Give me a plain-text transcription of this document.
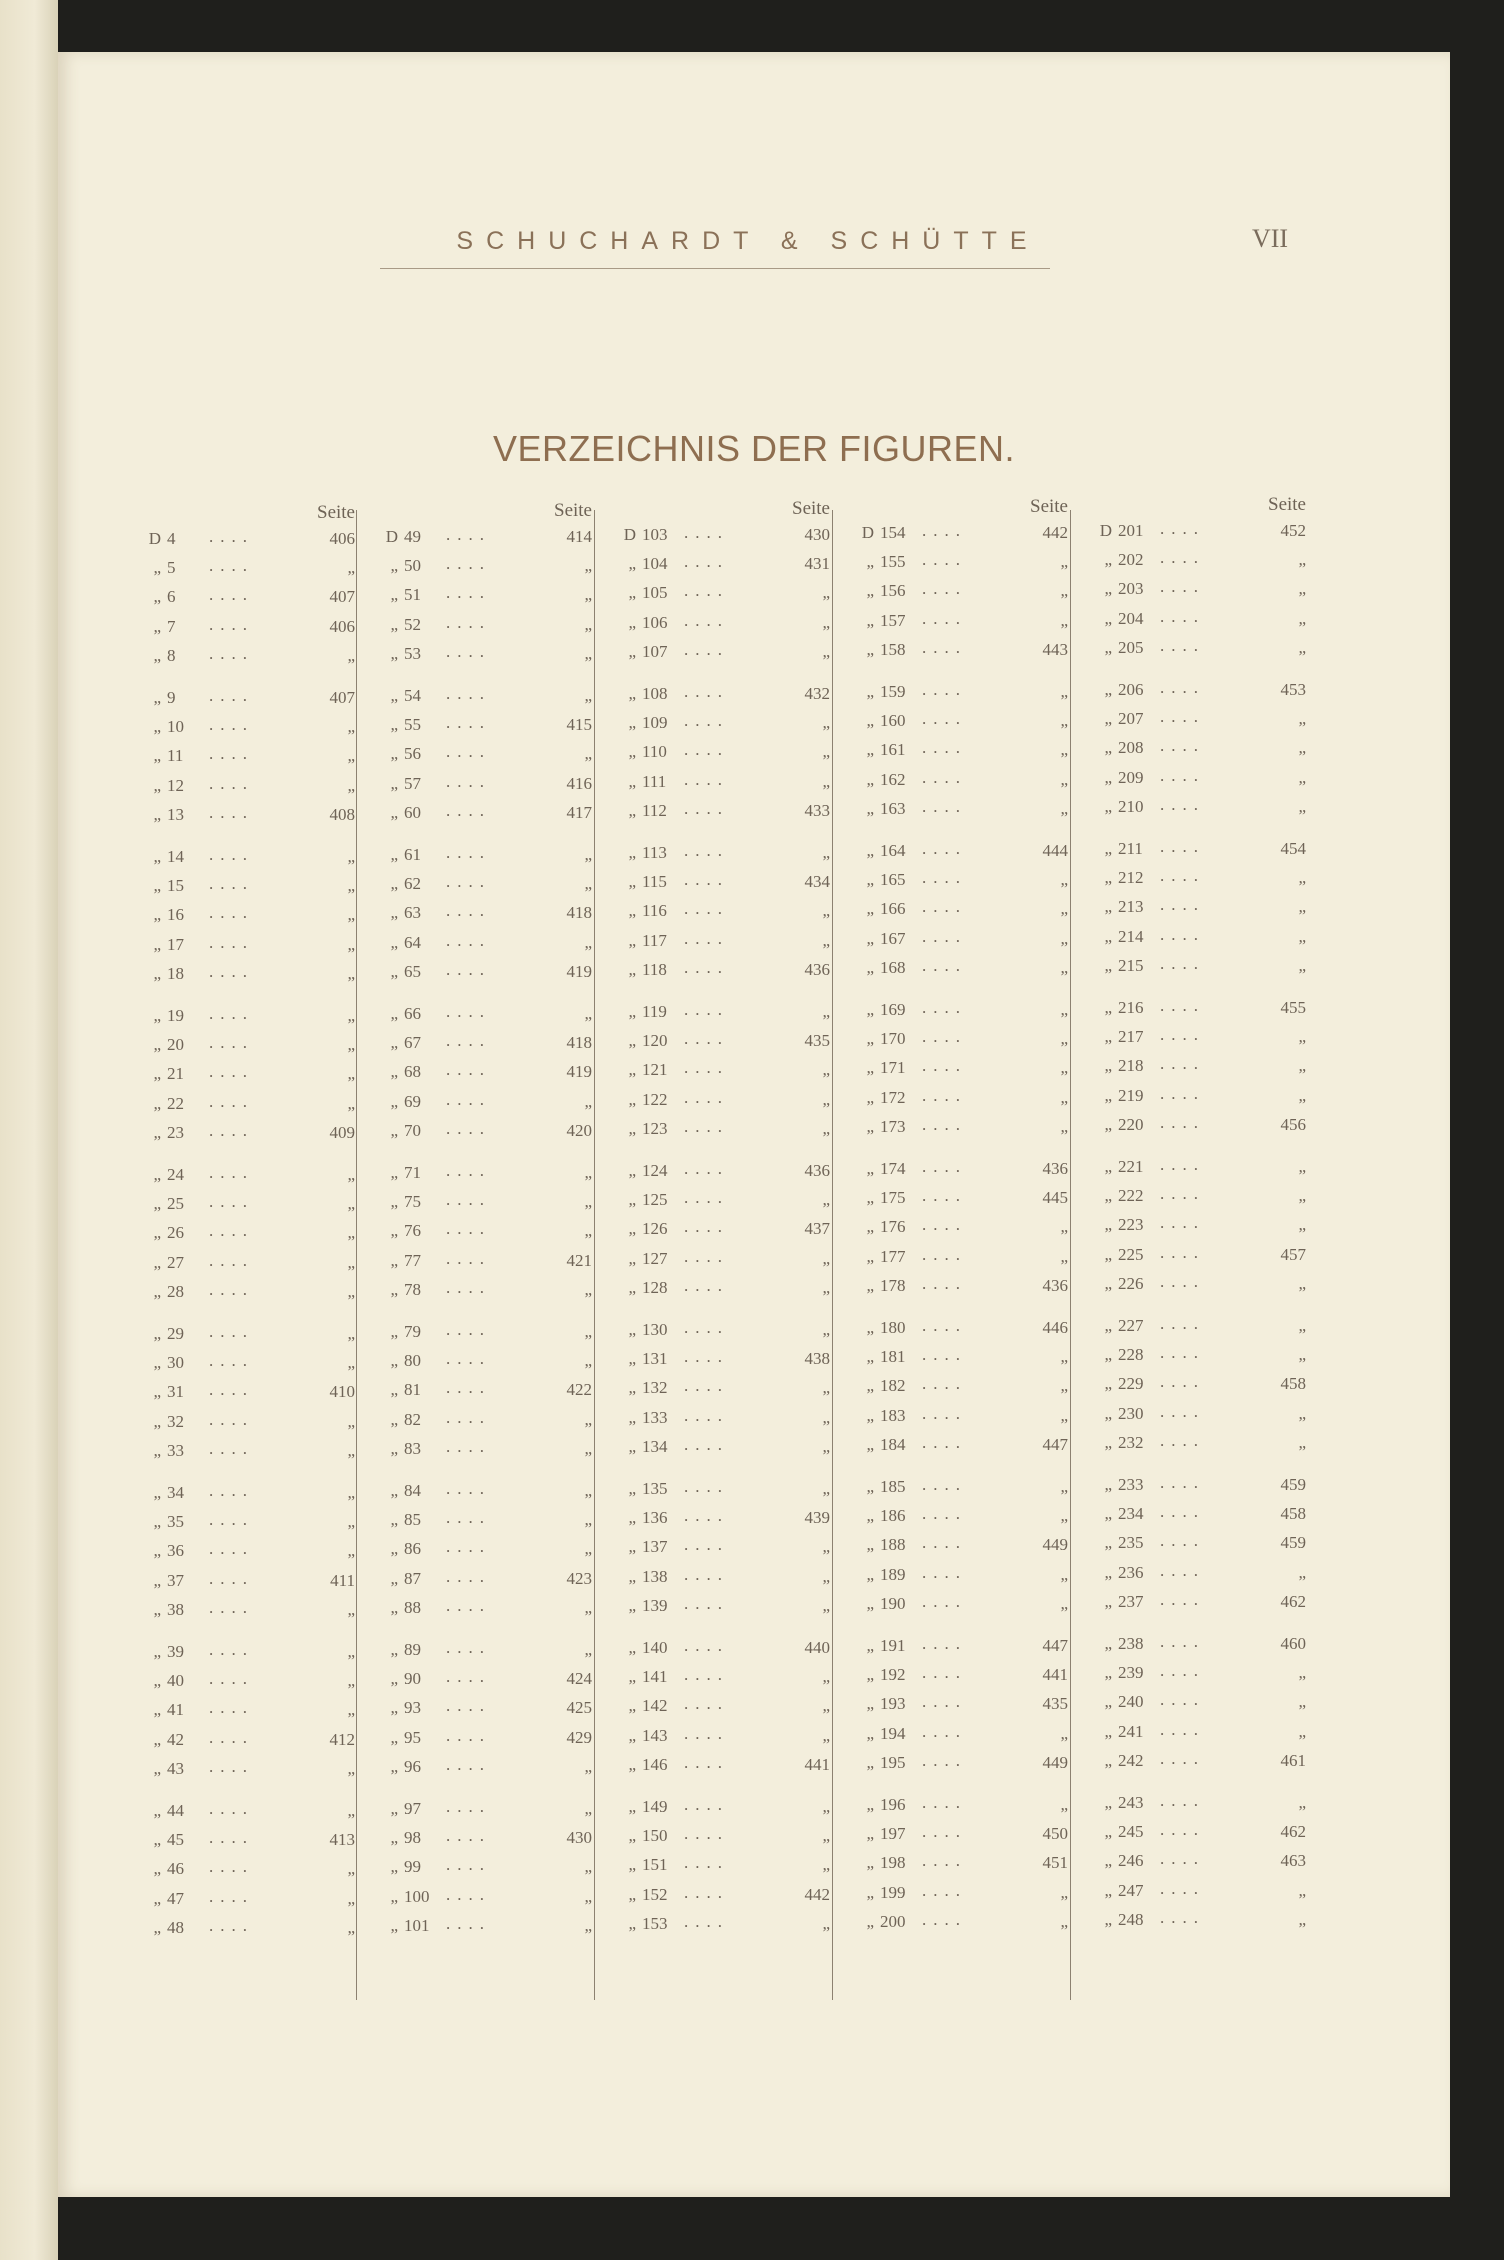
SCHUCHARDT & SCHÜTTE	VII
VERZEICHNIS DER FIGUREN.
Seite
D 4 ....	406
„ 5 ....	„
„ 6 ....	407
„ 7 ....	406
„ 8 ....	„
„ 9 ....	407
„ 10 ....	„
„ 11 ....	„
„ 12 ....	„
„ 13 ....	408
„ 14 ....	„
„ 15 ....	„
„ 16 ....	„
„ 17 ....	„
„ 18 ....	„
„ 19 ....	„
„ 20 ....	„
„ 21 ....	„
„ 22 ....	„
„ 23 ....	409
„ 24 ....	„
„ 25 ....	„
„ 26 ....	„
„ 27 ....	„
„ 28 ....	„
„ 29 ....	„
„ 30 ....	„
„ 31 ....	410
„ 32 ....	„
„ 33 ....	„
„ 34 ....	„
„ 35 ....	„
„ 36 ....	„
„ 37 ....	411
„ 38 ....	„
„ 39 ....	„
„ 40 ....	„
„ 41 ....	„
„ 42 ....	412
„ 43 ....	„
„ 44 ....	„
„ 45 ....	413
„ 46 ....	„
„ 47 ....	„
„ 48 ....	„
Seite
D 49 ....	414
„ 50 ....	„
„ 51 ....	„
„ 52 ....	„
„ 53 ....	„
„ 54 ....	„
„ 55 ....	415
„ 56 ....	„
„ 57 ....	416
„ 60 ....	417
„ 61 ....	„
„ 62 ....	„
„ 63 ....	418
„ 64 ....	„
„ 65 ....	419
„ 66 ....	„
„ 67 ....	418
„ 68 ....	419
„ 69 ....	„
„ 70 ....	420
„ 71 ....	„
„ 75 ....	„
„ 76 ....	„
„ 77 ....	421
„ 78 ....	„
„ 79 ....	„
„ 80 ....	„
„ 81 ....	422
„ 82 ....	„
„ 83 ....	„
„ 84 ....	„
„ 85 ....	„
„ 86 ....	„
„ 87 ....	423
„ 88 ....	„
„ 89 ....	„
„ 90 ....	424
„ 93 ....	425
„ 95 ....	429
„ 96 ....	„
„ 97 ....	„
„ 98 ....	430
„ 99 ....	„
„ 100 ....	„
„ 101 ....	„
Seite
D 103 ....	430
„ 104 ....	431
„ 105 ....	„
„ 106 ....	„
„ 107 ....	„
„ 108 ....	432
„ 109 ....	„
„ 110 ....	„
„ 111 ....	„
„ 112 ....	433
„ 113 ....	„
„ 115 ....	434
„ 116 ....	„
„ 117 ....	„
„ 118 ....	436
„ 119 ....	„
„ 120 ....	435
„ 121 ....	„
„ 122 ....	„
„ 123 ....	„
„ 124 ....	436
„ 125 ....	„
„ 126 ....	437
„ 127 ....	„
„ 128 ....	„
„ 130 ....	„
„ 131 ....	438
„ 132 ....	„
„ 133 ....	„
„ 134 ....	„
„ 135 ....	„
„ 136 ....	439
„ 137 ....	„
„ 138 ....	„
„ 139 ....	„
„ 140 ....	440
„ 141 ....	„
„ 142 ....	„
„ 143 ....	„
„ 146 ....	441
„ 149 ....	„
„ 150 ....	„
„ 151 ....	„
„ 152 ....	442
„ 153 ....	„
Seite
D 154 ....	442
„ 155 ....	„
„ 156 ....	„
„ 157 ....	„
„ 158 ....	443
„ 159 ....	„
„ 160 ....	„
„ 161 ....	„
„ 162 ....	„
„ 163 ....	„
„ 164 ....	444
„ 165 ....	„
„ 166 ....	„
„ 167 ....	„
„ 168 ....	„
„ 169 ....	„
„ 170 ....	„
„ 171 ....	„
„ 172 ....	„
„ 173 ....	„
„ 174 ....	436
„ 175 ....	445
„ 176 ....	„
„ 177 ....	„
„ 178 ....	436
„ 180 ....	446
„ 181 ....	„
„ 182 ....	„
„ 183 ....	„
„ 184 ....	447
„ 185 ....	„
„ 186 ....	„
„ 188 ....	449
„ 189 ....	„
„ 190 ....	„
„ 191 ....	447
„ 192 ....	441
„ 193 ....	435
„ 194 ....	„
„ 195 ....	449
„ 196 ....	„
„ 197 ....	450
„ 198 ....	451
„ 199 ....	„
„ 200 ....	„
Seite
D 201 ....	452
„ 202 ....	„
„ 203 ....	„
„ 204 ....	„
„ 205 ....	„
„ 206 ....	453
„ 207 ....	„
„ 208 ....	„
„ 209 ....	„
„ 210 ....	„
„ 211 ....	454
„ 212 ....	„
„ 213 ....	„
„ 214 ....	„
„ 215 ....	„
„ 216 ....	455
„ 217 ....	„
„ 218 ....	„
„ 219 ....	„
„ 220 ....	456
„ 221 ....	„
„ 222 ....	„
„ 223 ....	„
„ 225 ....	457
„ 226 ....	„
„ 227 ....	„
„ 228 ....	„
„ 229 ....	458
„ 230 ....	„
„ 232 ....	„
„ 233 ....	459
„ 234 ....	458
„ 235 ....	459
„ 236 ....	„
„ 237 ....	462
„ 238 ....	460
„ 239 ....	„
„ 240 ....	„
„ 241 ....	„
„ 242 ....	461
„ 243 ....	„
„ 245 ....	462
„ 246 ....	463
„ 247 ....	„
„ 248 ....	„
